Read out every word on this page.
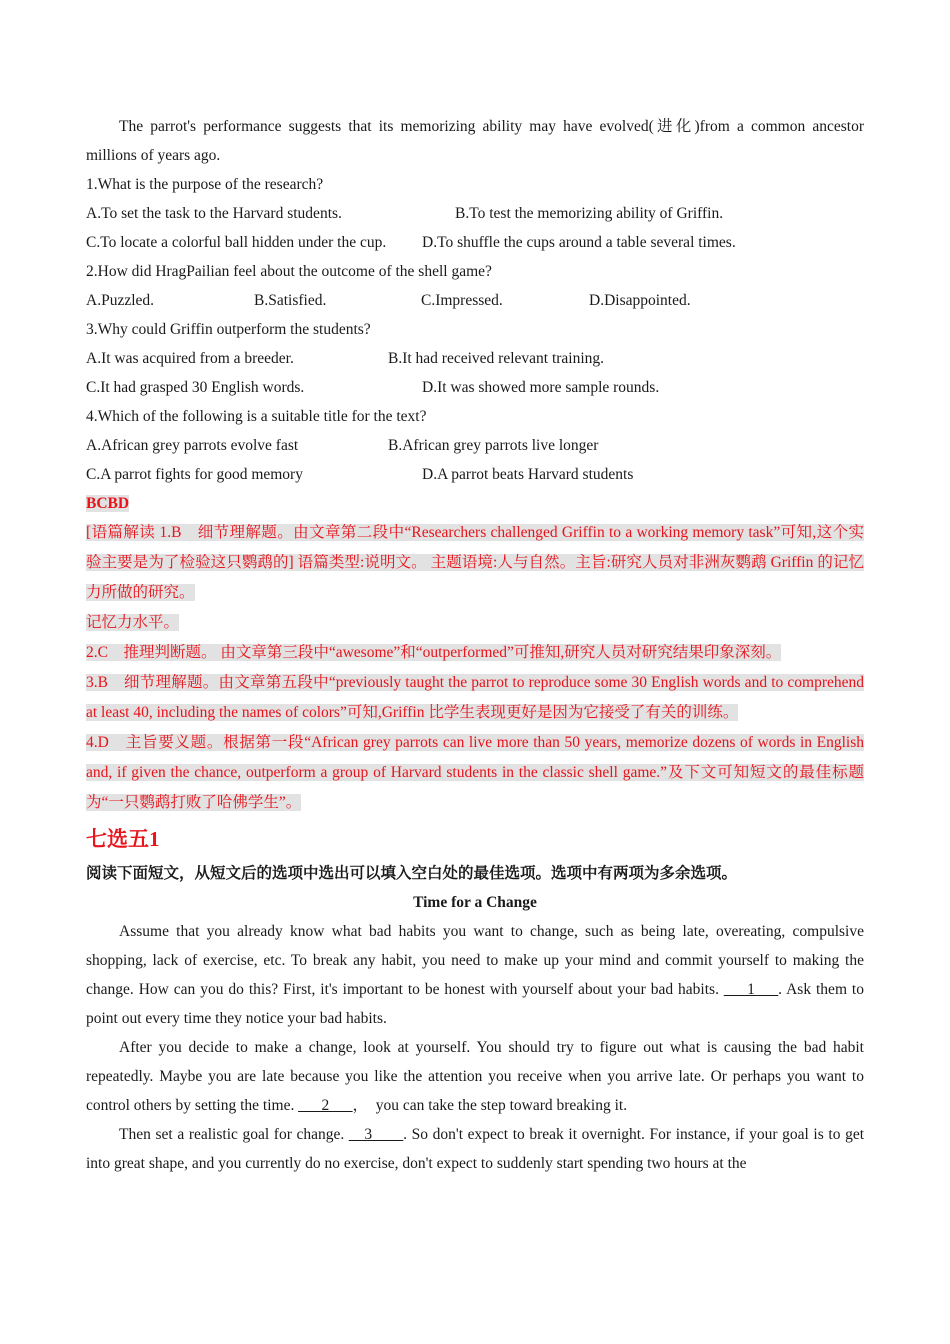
The parrot's performance suggests that its memorizing ability may have evolved(进化)from a common ancestor millions of years ago.

1.What is the purpose of the research?

A.To set the task to the Harvard students.	B.To test the memorizing ability of Griffin.
C.To locate a colorful ball hidden under the cup.	D.To shuffle the cups around a table several times.

2.How did HragPailian feel about the outcome of the shell game?

A.Puzzled.	B.Satisfied.	C.Impressed.	D.Disappointed.

3.Why could Griffin outperform the students?

A.It was acquired from a breeder.	B.It had received relevant training.
C.It had grasped 30 English words.	D.It was showed more sample rounds.

4.Which of the following is a suitable title for the text?

A.African grey parrots evolve fast	B.African grey parrots live longer
C.A parrot fights for good memory	D.A parrot beats Harvard students

BCBD

[语篇解读 1.B　细节理解题。由文章第二段中“Researchers challenged Griffin to a working memory task”可知,这个实验主要是为了检验这只鹦鹉的] 语篇类型:说明文。 主题语境:人与自然。主旨:研究人员对非洲灰鹦鹉 Griffin 的记忆力所做的研究。

记忆力水平。

2.C　推理判断题。 由文章第三段中“awesome”和“outperformed”可推知,研究人员对研究结果印象深刻。

3.B　细节理解题。由文章第五段中“previously taught the parrot to reproduce some 30 English words and to comprehend at least 40, including the names of colors”可知,Griffin 比学生表现更好是因为它接受了有关的训练。

4.D　主旨要义题。根据第一段“African grey parrots can live more than 50 years, memorize dozens of words in English and, if given the chance, outperform a group of Harvard students in the classic shell game.”及下文可知短文的最佳标题为“一只鹦鹉打败了哈佛学生”。

七选五1

阅读下面短文，从短文后的选项中选出可以填入空白处的最佳选项。选项中有两项为多余选项。

Time for a Change

Assume that you already know what bad habits you want to change, such as being late, overeating, compulsive shopping, lack of exercise, etc. To break any habit, you need to make up your mind and commit yourself to making the change. How can you do this? First, it's important to be honest with yourself about your bad habits. ___1___. Ask them to point out every time they notice your bad habits.

After you decide to make a change, look at yourself. You should try to figure out what is causing the bad habit repeatedly. Maybe you are late because you like the attention you receive when you arrive late. Or perhaps you want to control others by setting the time. ___2___，　you can take the step toward breaking it.

Then set a realistic goal for change. __3____. So don't expect to break it overnight. For instance, if your goal is to get into great shape, and you currently do no exercise, don't expect to suddenly start spending two hours at the
